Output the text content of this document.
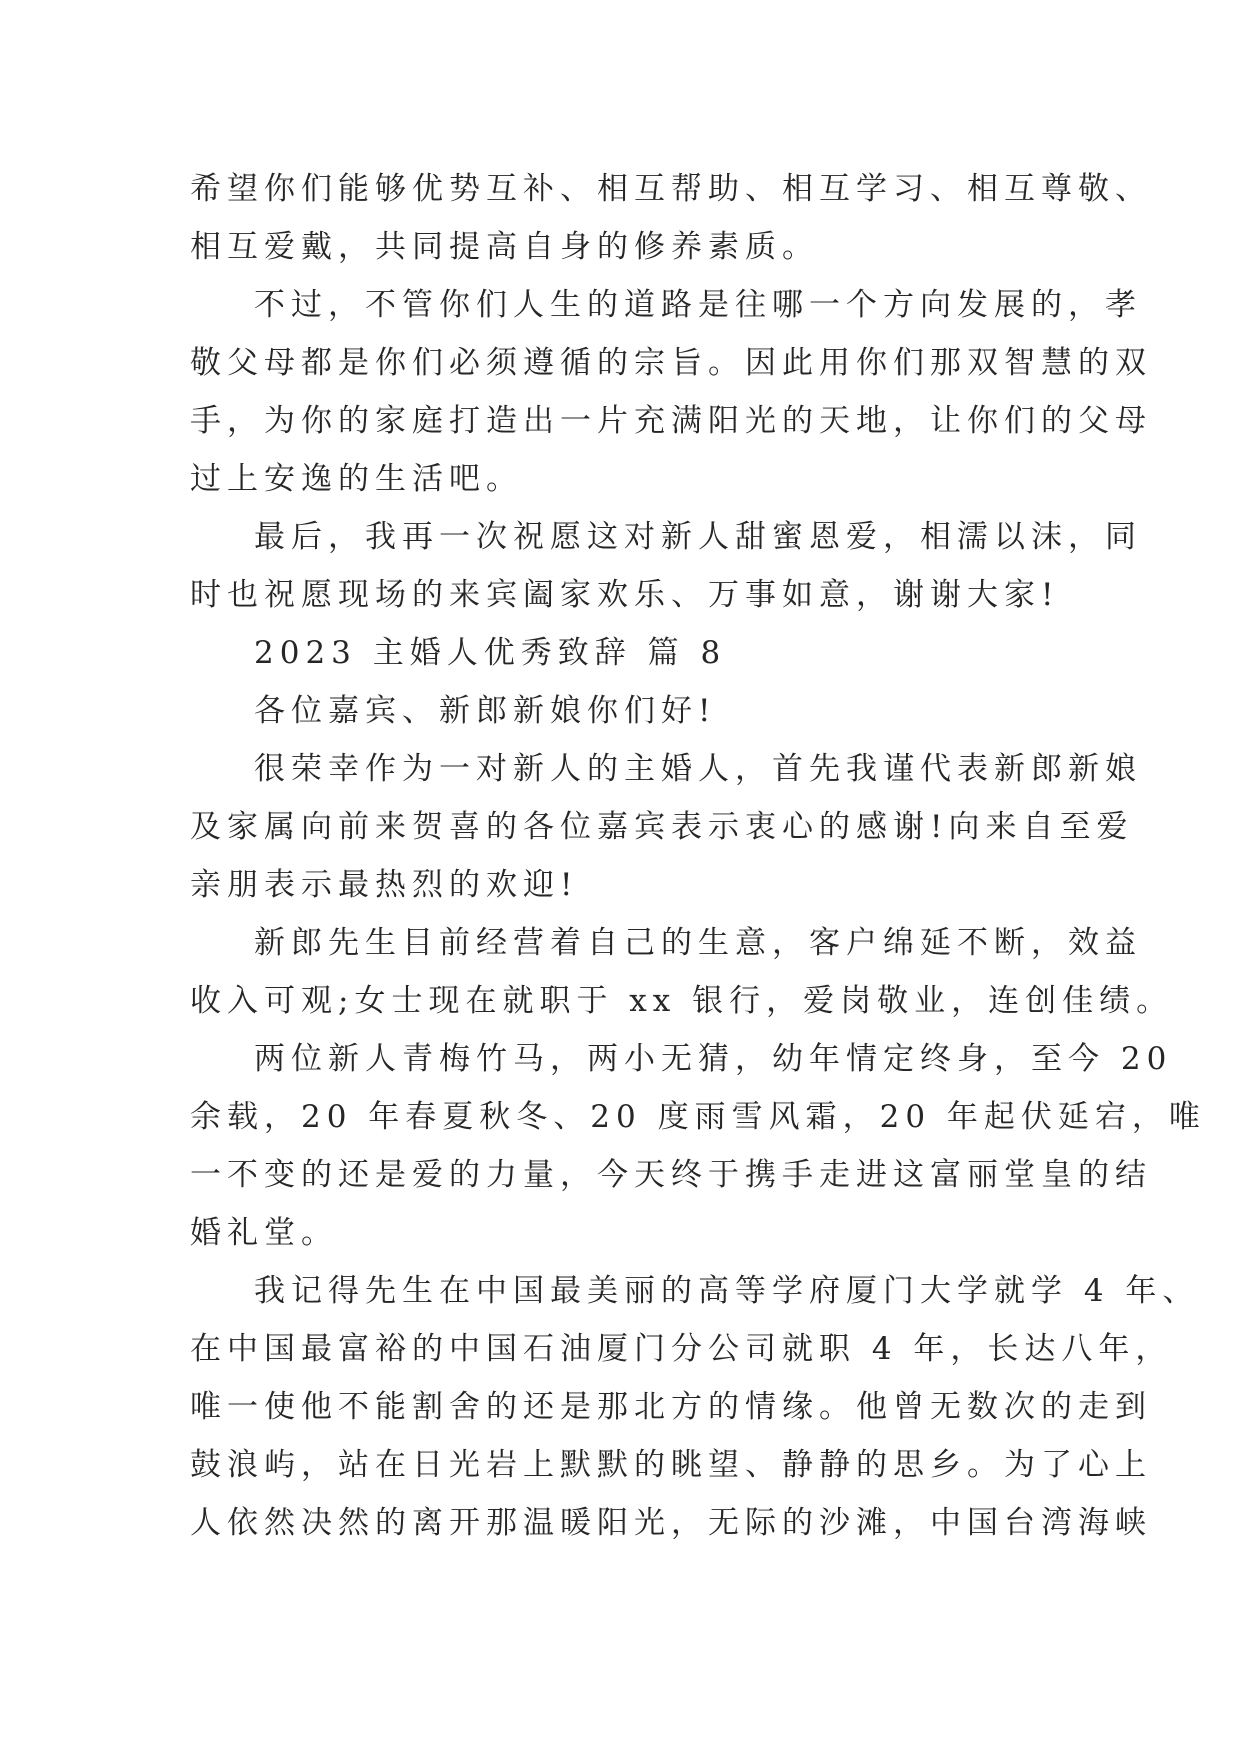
希望你们能够优势互补、相互帮助、相互学习、相互尊敬、
相互爱戴，共同提高自身的修养素质。
不过，不管你们人生的道路是往哪一个方向发展的，孝
敬父母都是你们必须遵循的宗旨。因此用你们那双智慧的双
手，为你的家庭打造出一片充满阳光的天地，让你们的父母
过上安逸的生活吧。
最后，我再一次祝愿这对新人甜蜜恩爱，相濡以沫，同
时也祝愿现场的来宾阖家欢乐、万事如意，谢谢大家!
2023 主婚人优秀致辞 篇 8
各位嘉宾、新郎新娘你们好!
很荣幸作为一对新人的主婚人，首先我谨代表新郎新娘
及家属向前来贺喜的各位嘉宾表示衷心的感谢!向来自至爱
亲朋表示最热烈的欢迎!
新郎先生目前经营着自己的生意，客户绵延不断，效益
收入可观;女士现在就职于 xx 银行，爱岗敬业，连创佳绩。
两位新人青梅竹马，两小无猜，幼年情定终身，至今 20
余载，20 年春夏秋冬、20 度雨雪风霜，20 年起伏延宕，唯
一不变的还是爱的力量，今天终于携手走进这富丽堂皇的结
婚礼堂。
我记得先生在中国最美丽的高等学府厦门大学就学 4 年、
在中国最富裕的中国石油厦门分公司就职 4 年，长达八年，
唯一使他不能割舍的还是那北方的情缘。他曾无数次的走到
鼓浪屿，站在日光岩上默默的眺望、静静的思乡。为了心上
人依然决然的离开那温暖阳光，无际的沙滩，中国台湾海峡
